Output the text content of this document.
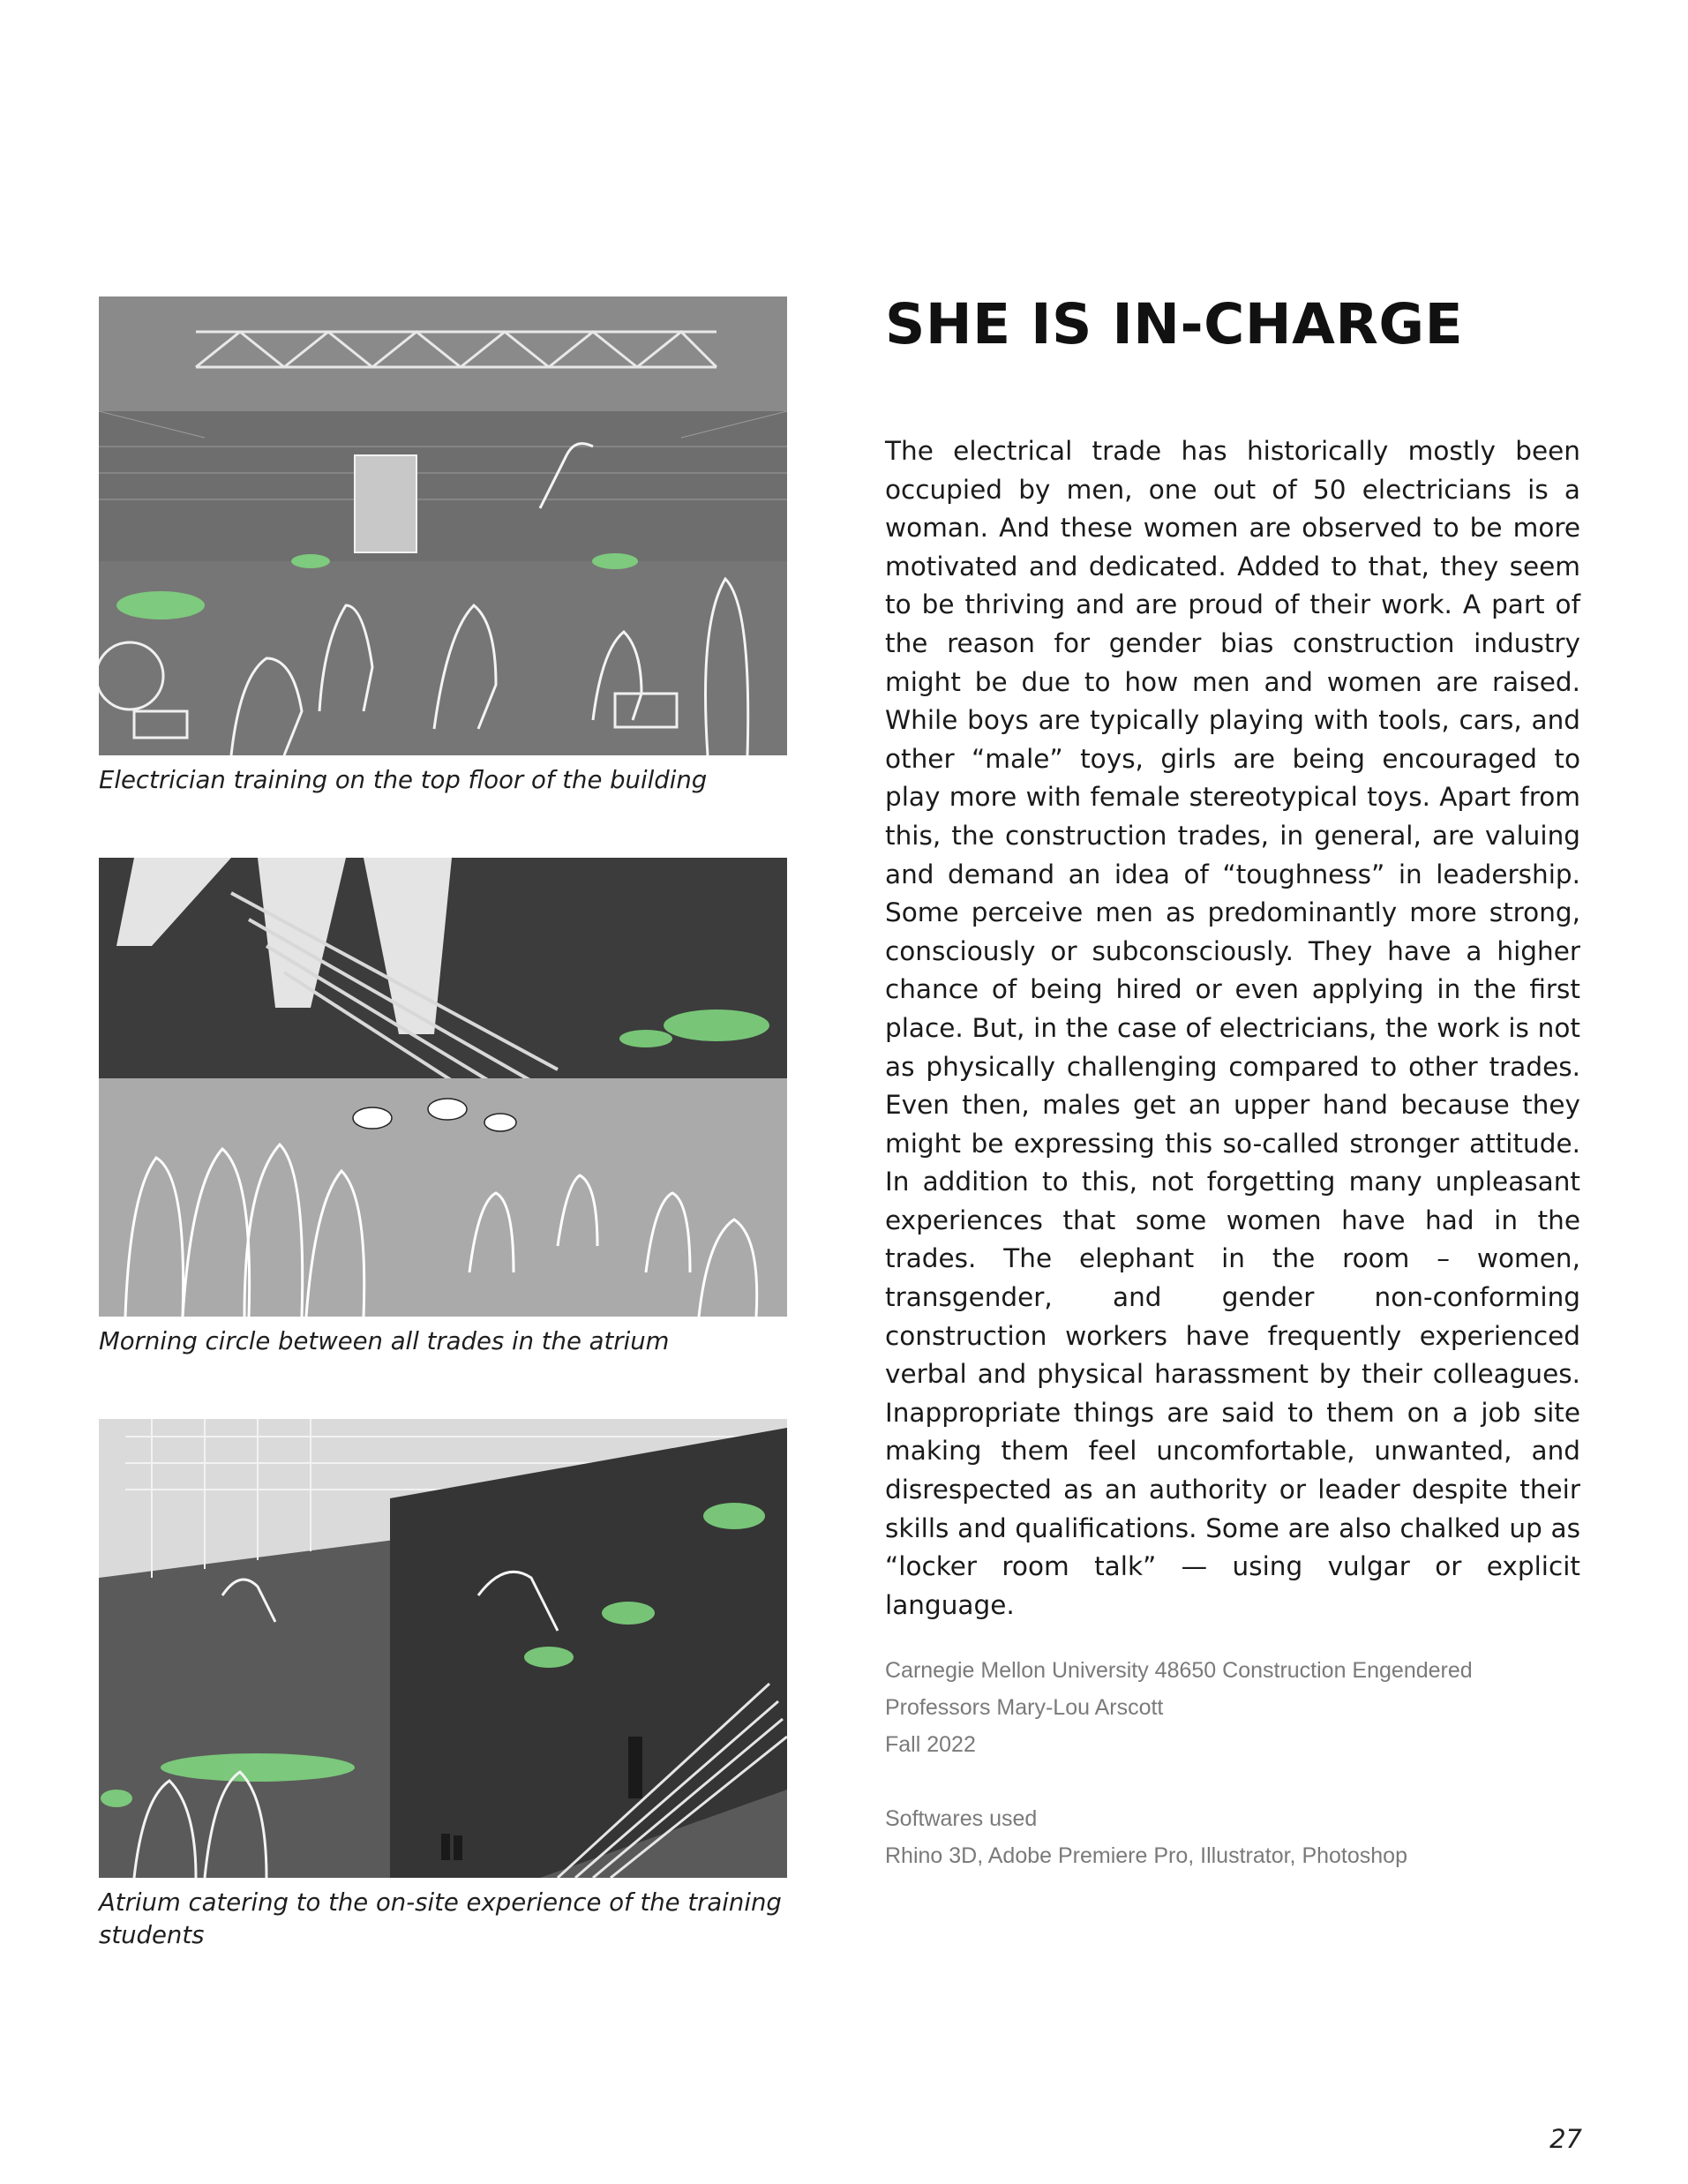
Electrician training on the top floor of the building
Morning circle between all trades in the atrium
Atrium catering to the on-site experience of the training students
SHE IS IN-CHARGE

The electrical trade has historically mostly been occupied by men, one out of 50 electricians is a woman. And these women are observed to be more motivated and dedicated. Added to that, they seem to be thriving and are proud of their work. A part of the reason for gender bias construction industry might be due to how men and women are raised. While boys are typically playing with tools, cars, and other “male” toys, girls are being encouraged to play more with female stereotypical toys. Apart from this, the construction trades, in general, are valuing and demand an idea of “toughness” in leadership. Some perceive men as predominantly more strong, consciously or subconsciously. They have a higher chance of being hired or even applying in the first place. But, in the case of electricians, the work is not as physically challenging compared to other trades. Even then, males get an upper hand because they might be expressing this so-called stronger attitude. In addition to this, not forgetting many unpleasant experiences that some women have had in the trades. The elephant in the room – women, transgender, and gender non-conforming construction workers have frequently experienced verbal and physical harassment by their colleagues. Inappropriate things are said to them on a job site making them feel uncomfortable, unwanted, and disrespected as an authority or leader despite their skills and qualifications. Some are also chalked up as “locker room talk” — using vulgar or explicit language.

Carnegie Mellon University 48650 Construction Engendered

Professors Mary-Lou Arscott

Fall 2022

Softwares used

Rhino 3D, Adobe Premiere Pro, Illustrator, Photoshop

27
